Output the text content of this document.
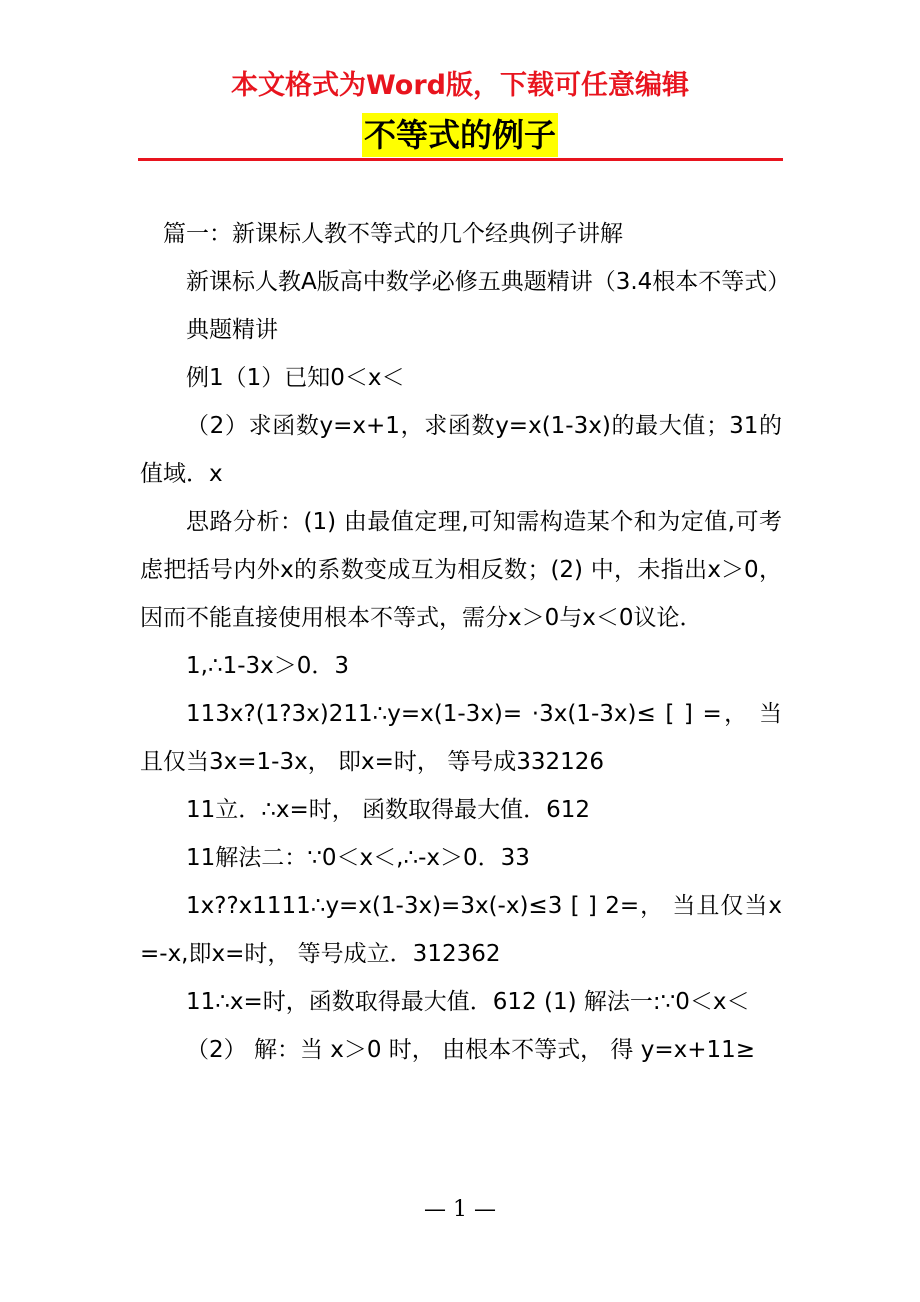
本文格式为Word版，下载可任意编辑
不等式的例子

篇一：新课标人教不等式的几个经典例子讲解

新课标人教A版高中数学必修五典题精讲（3.4根本不等式）

典题精讲

例1（1）已知0＜x＜

（2）求函数y=x+1，求函数y=x(1-3x)的最大值；31的值域．x

思路分析：(1) 由最值定理,可知需构造某个和为定值,可考虑把括号内外x的系数变成互为相反数；(2) 中，未指出x＞0，因而不能直接使用根本不等式，需分x＞0与x＜0议论．

1,∴1-3x＞0．3

113x?(1?3x)211∴y=x(1-3x)= ·3x(1-3x)≤ [ ] =， 当且仅当3x=1-3x， 即x=时， 等号成332126

11立．∴x=时， 函数取得最大值．612

11解法二：∵0＜x＜,∴-x＞0．33

1x??x1111∴y=x(1-3x)=3x(-x)≤3 [ ] 2=， 当且仅当x=-x,即x=时， 等号成立．312362

11∴x=时，函数取得最大值．612 (1) 解法一:∵0＜x＜

（2） 解：当 x＞0 时， 由根本不等式， 得 y=x+11≥

— 1 —
